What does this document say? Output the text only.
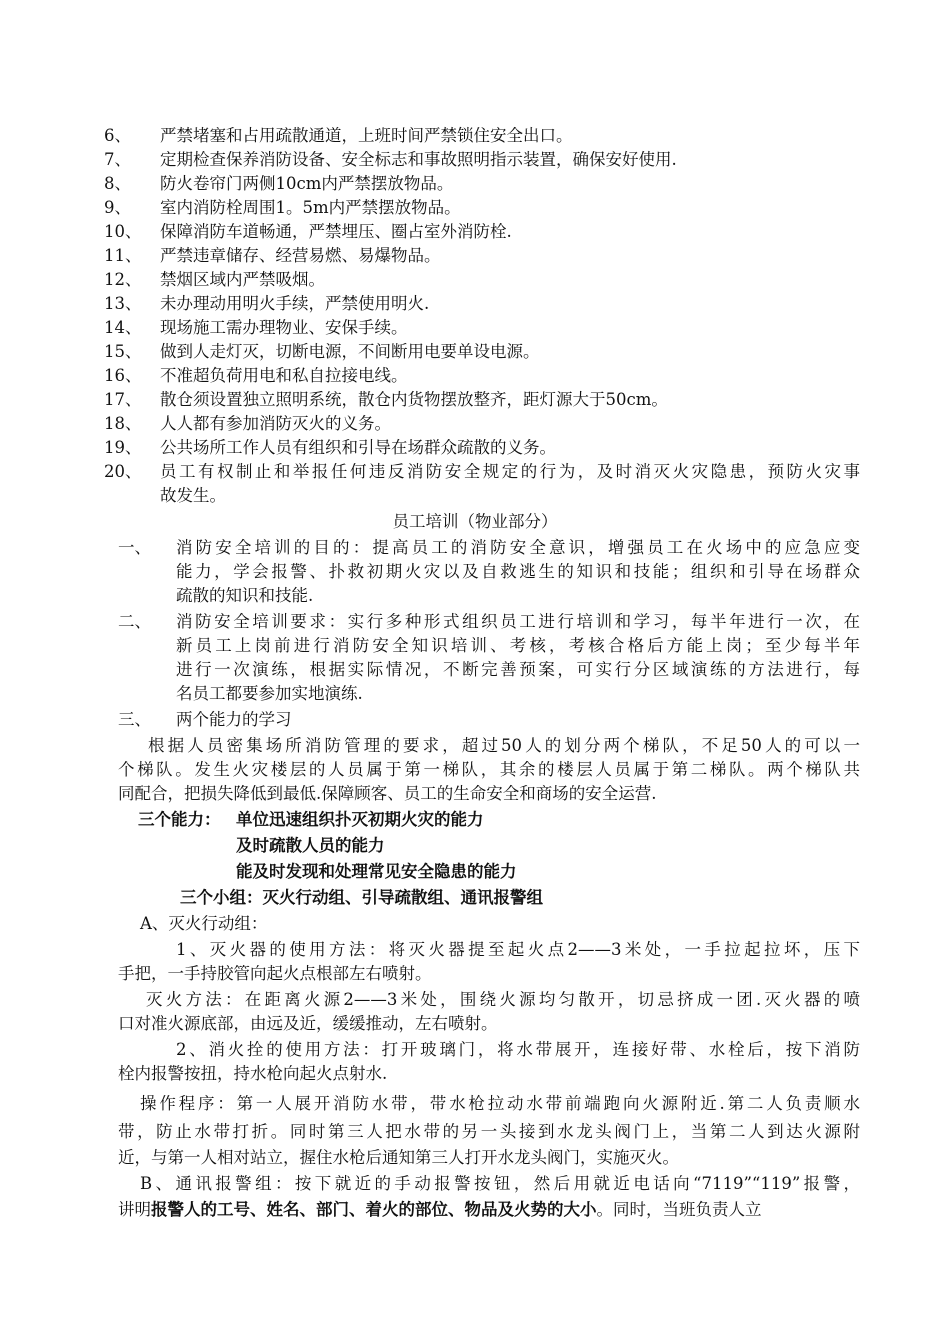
6、 严禁堵塞和占用疏散通道，上班时间严禁锁住安全出口。
7、 定期检查保养消防设备、安全标志和事故照明指示装置，确保安好使用.
8、 防火卷帘门两侧10cm内严禁摆放物品。
9、 室内消防栓周围1。5m内严禁摆放物品。
10、 保障消防车道畅通，严禁埋压、圈占室外消防栓.
11、 严禁违章储存、经营易燃、易爆物品。
12、 禁烟区域内严禁吸烟。
13、 未办理动用明火手续，严禁使用明火.
14、 现场施工需办理物业、安保手续。
15、 做到人走灯灭，切断电源，不间断用电要单设电源。
16、 不准超负荷用电和私自拉接电线。
17、 散仓须设置独立照明系统，散仓内货物摆放整齐，距灯源大于50cm。
18、 人人都有参加消防灭火的义务。
19、 公共场所工作人员有组织和引导在场群众疏散的义务。
20、 员工有权制止和举报任何违反消防安全规定的行为，及时消灭火灾隐患，预防火灾事
故发生。
员工培训（物业部分）
一、 消防安全培训的目的：提高员工的消防安全意识，增强员工在火场中的应急应变
能力，学会报警、扑救初期火灾以及自救逃生的知识和技能；组织和引导在场群众
疏散的知识和技能.
二、 消防安全培训要求：实行多种形式组织员工进行培训和学习，每半年进行一次，在
新员工上岗前进行消防安全知识培训、考核，考核合格后方能上岗；至少每半年
进行一次演练，根据实际情况，不断完善预案，可实行分区域演练的方法进行，每
名员工都要参加实地演练.
三、 两个能力的学习
根据人员密集场所消防管理的要求，超过50人的划分两个梯队，不足50人的可以一
个梯队。发生火灾楼层的人员属于第一梯队，其余的楼层人员属于第二梯队。两个梯队共
同配合，把损失降低到最低.保障顾客、员工的生命安全和商场的安全运营.
三个能力： 单位迅速组织扑灭初期火灾的能力
及时疏散人员的能力
能及时发现和处理常见安全隐患的能力
三个小组：灭火行动组、引导疏散组、通讯报警组
A、灭火行动组：
1、灭火器的使用方法：将灭火器提至起火点2——3米处，一手拉起拉坏，压下
手把，一手持胶管向起火点根部左右喷射。
灭火方法：在距离火源2——3米处，围绕火源均匀散开，切忌挤成一团.灭火器的喷
口对准火源底部，由远及近，缓缓推动，左右喷射。
2、消火拴的使用方法：打开玻璃门，将水带展开，连接好带、水栓后，按下消防
栓内报警按扭，持水枪向起火点射水.
操作程序：第一人展开消防水带，带水枪拉动水带前端跑向火源附近.第二人负责顺水
带，防止水带打折。同时第三人把水带的另一头接到水龙头阀门上，当第二人到达火源附
近，与第一人相对站立，握住水枪后通知第三人打开水龙头阀门，实施灭火。
B、通讯报警组：按下就近的手动报警按钮，然后用就近电话向“7119”“119”报警，
讲明报警人的工号、姓名、部门、着火的部位、物品及火势的大小。同时，当班负责人立
